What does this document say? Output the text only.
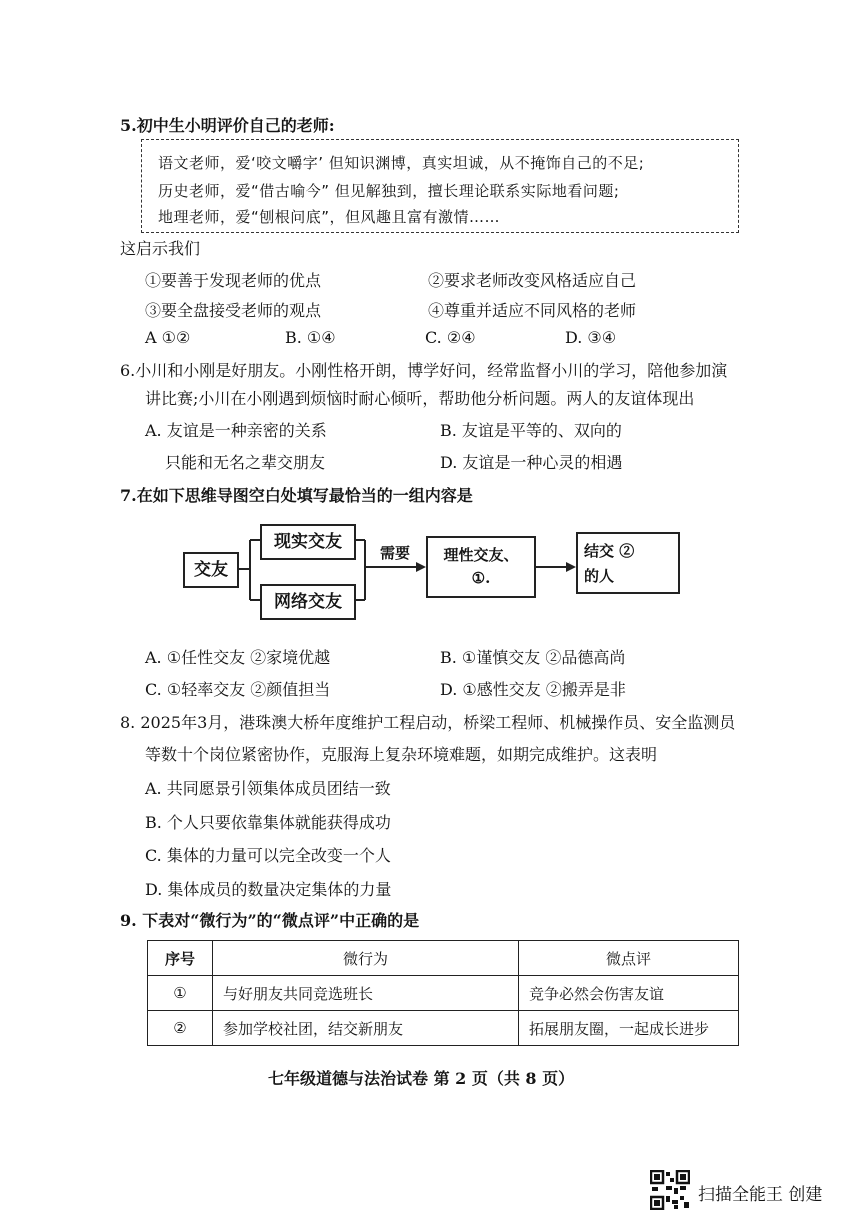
5.初中生小明评价自己的老师:
语文老师，爱‘咬文嚼字’ 但知识渊博，真实坦诚，从不掩饰自己的不足;
历史老师，爱“借古喻今” 但见解独到，擅长理论联系实际地看问题;
地理老师，爱“刨根问底”，但风趣且富有激情……
这启示我们
①要善于发现老师的优点	②要求老师改变风格适应自己
③要全盘接受老师的观点	④尊重并适应不同风格的老师
A ①②	B. ①④	C. ②④	D. ③④
6.小川和小刚是好朋友。小刚性格开朗，博学好问，经常监督小川的学习，陪他参加演
讲比赛;小川在小刚遇到烦恼时耐心倾听，帮助他分析问题。两人的友谊体现出
A. 友谊是一种亲密的关系	B. 友谊是平等的、双向的
只能和无名之辈交朋友	D. 友谊是一种心灵的相遇
7.在如下思维导图空白处填写最恰当的一组内容是
交友
现实交友
网络交友
需要	理性交友、
①.
结交 ②
的人
A. ①任性交友 ②家境优越	B. ①谨慎交友 ②品德高尚
C. ①轻率交友 ②颜值担当	D. ①感性交友 ②搬弄是非
8. 2025年3月，港珠澳大桥年度维护工程启动，桥梁工程师、机械操作员、安全监测员
等数十个岗位紧密协作，克服海上复杂环境难题，如期完成维护。这表明
A. 共同愿景引领集体成员团结一致
B. 个人只要依靠集体就能获得成功
C. 集体的力量可以完全改变一个人
D. 集体成员的数量决定集体的力量
9. 下表对“微行为”的“微点评”中正确的是
序号	微行为	微点评
①	与好朋友共同竞选班长	竞争必然会伤害友谊
②	参加学校社团，结交新朋友	拓展朋友圈，一起成长进步
七年级道德与法治试卷 第 2 页（共 8 页）
扫描全能王 创建
